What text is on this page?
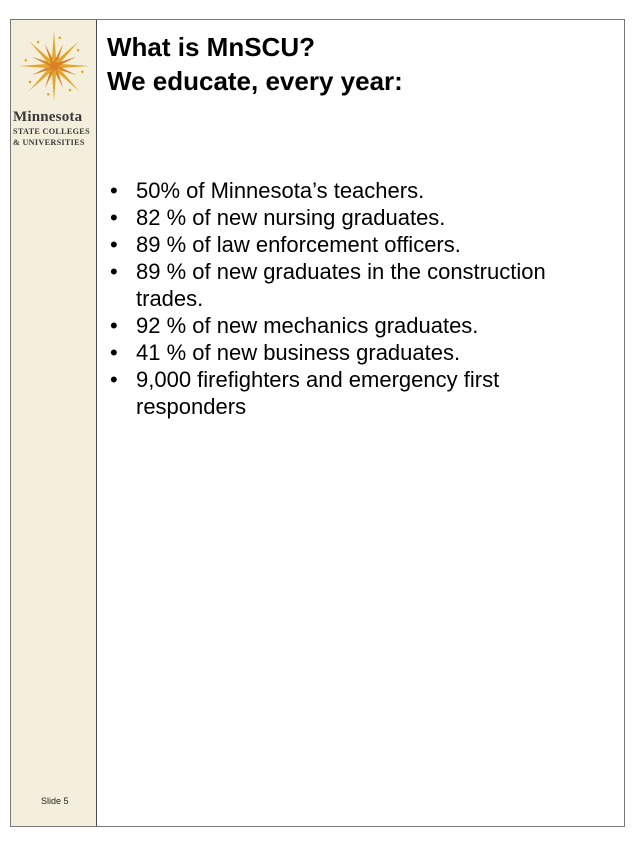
Minnesota
STATE COLLEGES
& UNIVERSITIES
Slide 5
What is MnSCU?
We educate, every year:
• 50% of Minnesota’s teachers.
• 82 % of new nursing graduates.
• 89 % of law enforcement officers.
• 89 % of new graduates in the construction trades.
• 92 % of new mechanics graduates.
• 41 % of new business graduates.
• 9,000 firefighters and emergency first responders
